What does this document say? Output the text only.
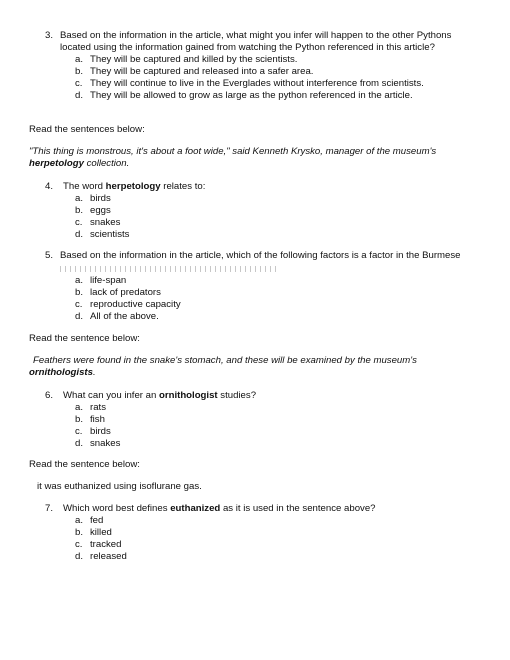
3. Based on the information in the article, what might you infer will happen to the other Pythons
located using the information gained from watching the Python referenced in this article?
a. They will be captured and killed by the scientists.
b. They will be captured and released into a safer area.
c. They will continue to live in the Everglades without interference from scientists.
d. They will be allowed to grow as large as the python referenced in the article.
Read the sentences below:
"This thing is monstrous, it's about a foot wide," said Kenneth Krysko, manager of the museum's
herpetology collection.
4. The word herpetology relates to:
a. birds
b. eggs
c. snakes
d. scientists
5. Based on the information in the article, which of the following factors is a factor in the Burmese
a. life-span
b. lack of predators
c. reproductive capacity
d. All of the above.
Read the sentence below:
Feathers were found in the snake's stomach, and these will be examined by the museum's
ornithologists.
6. What can you infer an ornithologist studies?
a. rats
b. fish
c. birds
d. snakes
Read the sentence below:
it was euthanized using isoflurane gas.
7. Which word best defines euthanized as it is used in the sentence above?
a. fed
b. killed
c. tracked
d. released
